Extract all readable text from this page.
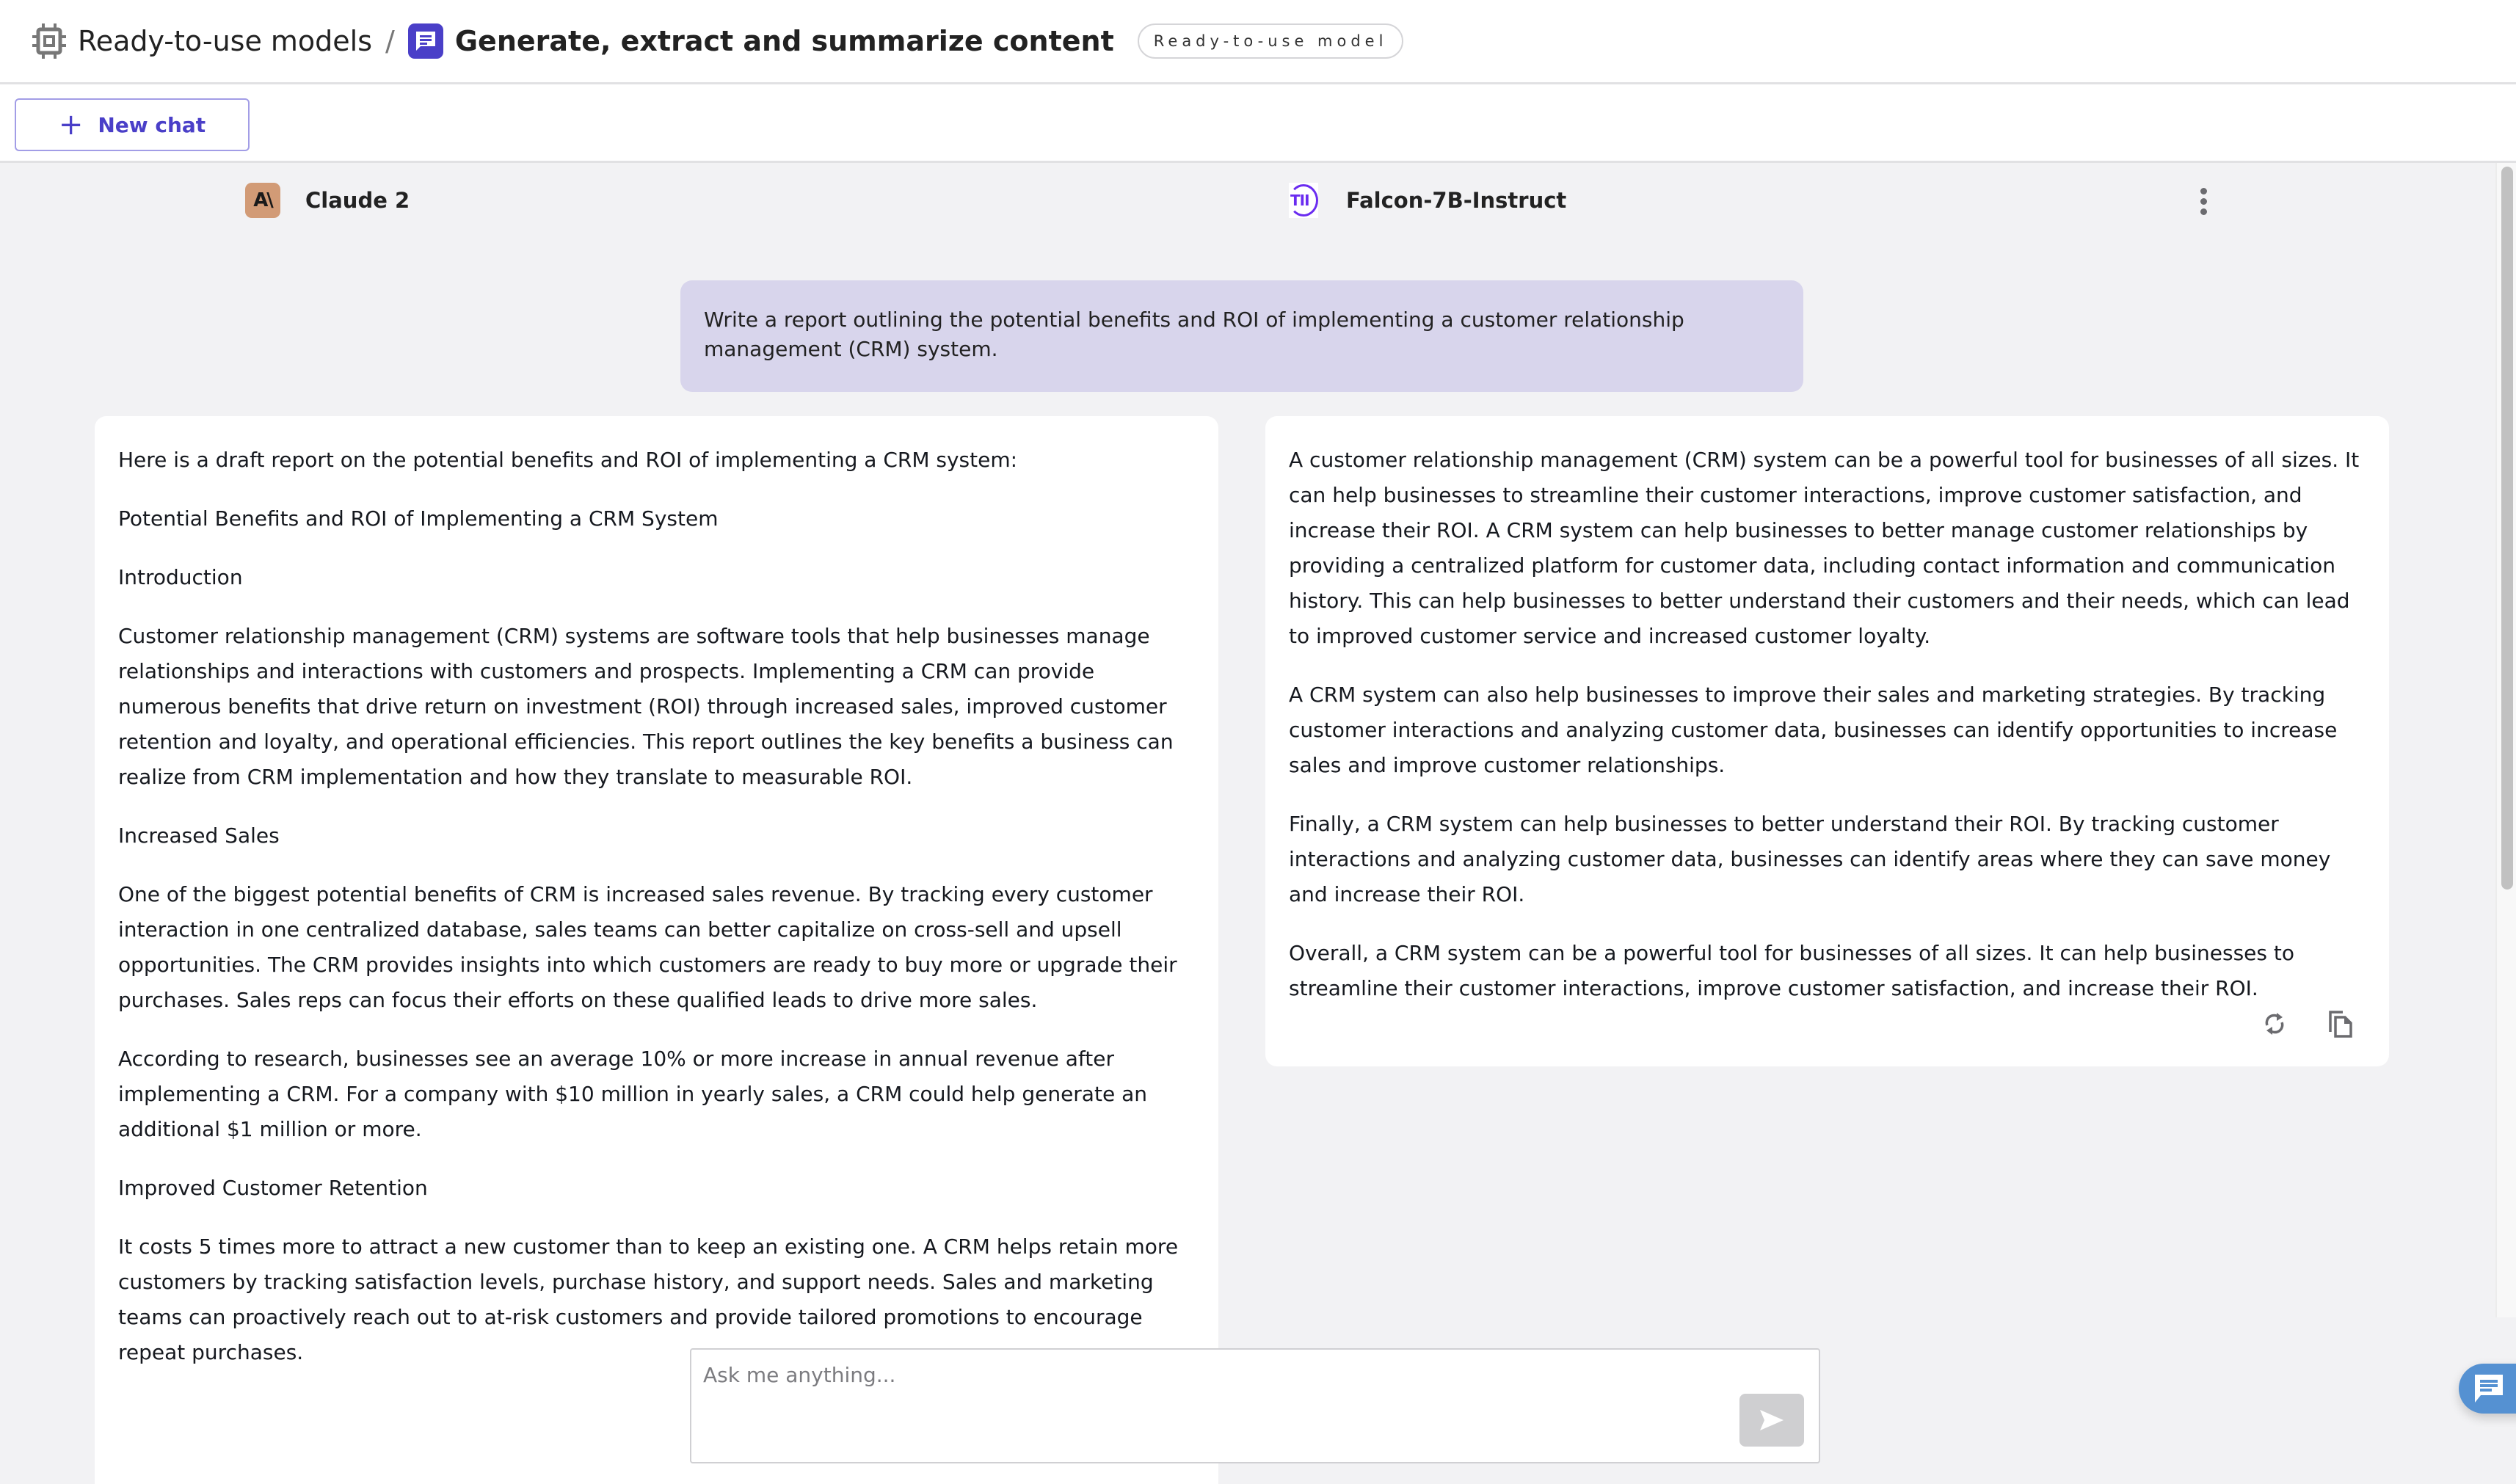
Ready-to-use models / Generate, extract and summarize content	Ready-to-use model
+ New chat
A\	Claude 2	TII Falcon-7B-Instruct
Write a report outlining the potential benefits and ROI of implementing a customer relationship management (CRM) system.

Here is a draft report on the potential benefits and ROI of implementing a CRM system:

Potential Benefits and ROI of Implementing a CRM System

Introduction

Customer relationship management (CRM) systems are software tools that help businesses manage relationships and interactions with customers and prospects. Implementing a CRM can provide numerous benefits that drive return on investment (ROI) through increased sales, improved customer retention and loyalty, and operational efficiencies. This report outlines the key benefits a business can realize from CRM implementation and how they translate to measurable ROI.

Increased Sales

One of the biggest potential benefits of CRM is increased sales revenue. By tracking every customer interaction in one centralized database, sales teams can better capitalize on cross-sell and upsell opportunities. The CRM provides insights into which customers are ready to buy more or upgrade their purchases. Sales reps can focus their efforts on these qualified leads to drive more sales.

According to research, businesses see an average 10% or more increase in annual revenue after implementing a CRM. For a company with $10 million in yearly sales, a CRM could help generate an additional $1 million or more.

Improved Customer Retention

It costs 5 times more to attract a new customer than to keep an existing one. A CRM helps retain more customers by tracking satisfaction levels, purchase history, and support needs. Sales and marketing teams can proactively reach out to at-risk customers and provide tailored promotions to encourage repeat purchases.

A customer relationship management (CRM) system can be a powerful tool for businesses of all sizes. It can help businesses to streamline their customer interactions, improve customer satisfaction, and increase their ROI. A CRM system can help businesses to better manage customer relationships by providing a centralized platform for customer data, including contact information and communication history. This can help businesses to better understand their customers and their needs, which can lead to improved customer service and increased customer loyalty.

A CRM system can also help businesses to improve their sales and marketing strategies. By tracking customer interactions and analyzing customer data, businesses can identify opportunities to increase sales and improve customer relationships.

Finally, a CRM system can help businesses to better understand their ROI. By tracking customer interactions and analyzing customer data, businesses can identify areas where they can save money and increase their ROI.

Overall, a CRM system can be a powerful tool for businesses of all sizes. It can help businesses to streamline their customer interactions, improve customer satisfaction, and increase their ROI.

Ask me anything...
